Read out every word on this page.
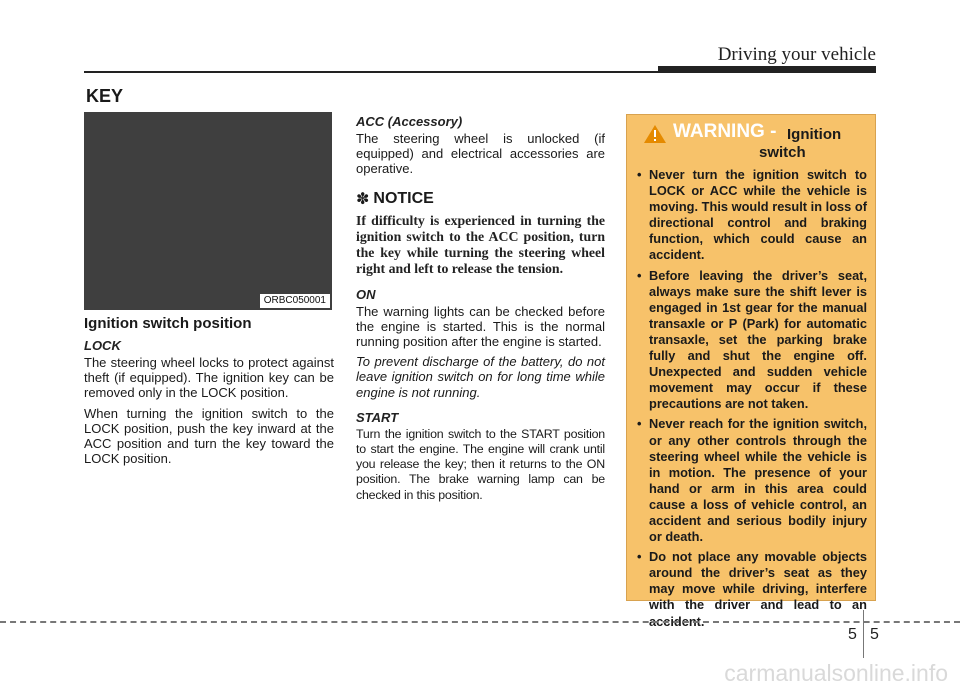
Driving your vehicle
KEY
ORBC050001
Ignition switch position
LOCK

The steering wheel locks to protect against theft (if equipped). The ignition key can be removed only in the LOCK position.

When turning the ignition switch to the LOCK position, push the key inward at the ACC position and turn the key toward the LOCK position.

ACC (Accessory)

The steering wheel is unlocked (if equipped) and electrical accessories are operative.

✽ NOTICE

If difficulty is experienced in turning the ignition switch to the ACC position, turn the key while turning the steering wheel right and left to release the tension.

ON

The warning lights can be checked before the engine is started. This is the normal running position after the engine is started.

To prevent discharge of the battery, do not leave ignition switch on for long time while engine is not running.

START

Turn the ignition switch to the START position to start the engine. The engine will crank until you release the key; then it returns to the ON position. The brake warning lamp can be checked in this position.

WARNING - Ignition
switch
• Never turn the ignition switch to LOCK or ACC while the vehicle is moving. This would result in loss of directional control and braking function, which could cause an accident.
• Before leaving the driver’s seat, always make sure the shift lever is engaged in 1st gear for the manual transaxle or P (Park) for automatic transaxle, set the parking brake fully and shut the engine off. Unexpected and sudden vehicle movement may occur if these precautions are not taken.
• Never reach for the ignition switch, or any other controls through the steering wheel while the vehicle is in motion. The presence of your hand or arm in this area could cause a loss of vehicle control, an accident and serious bodily injury or death.
• Do not place any movable objects around the driver’s seat as they may move while driving, interfere with the driver and lead to an accident.
5 5
carmanualsonline.info
